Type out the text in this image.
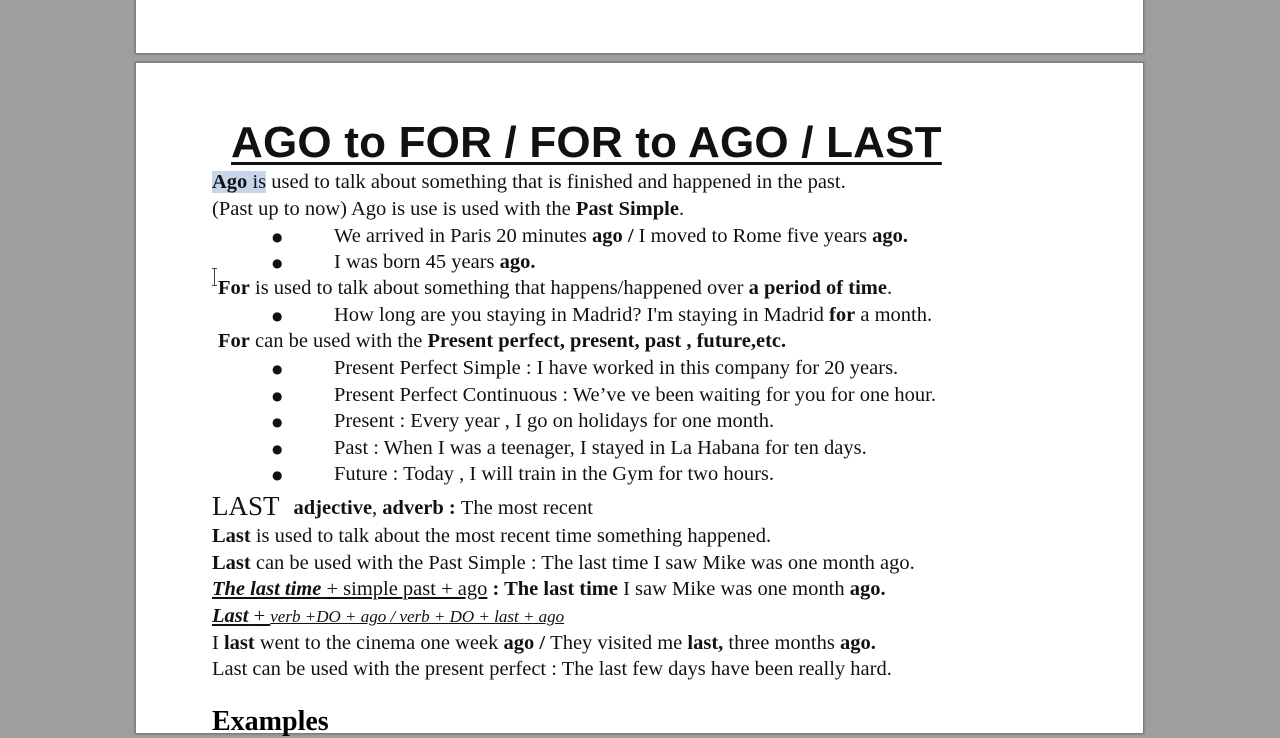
AGO to FOR / FOR to AGO / LAST
Ago is used to talk about something that is finished and happened in the past.
(Past up to now) Ago is use is used with the Past Simple.
●	We arrived in Paris 20 minutes ago / I moved to Rome five years ago.
●	I was born 45 years ago.
For is used to talk about something that happens/happened over a period of time.
●	How long are you staying in Madrid? I'm staying in Madrid for a month.
For can be used with the Present perfect, present, past , future,etc.
●	Present Perfect Simple : I have worked in this company for 20 years.
●	Present Perfect Continuous : We’ve ve been waiting for you for one hour.
●	Present : Every year , I go on holidays for one month.
●	Past : When I was a teenager, I stayed in La Habana for ten days.
●	Future : Today , I will train in the Gym for two hours.
LAST adjective, adverb : The most recent
Last is used to talk about the most recent time something happened.
Last can be used with the Past Simple : The last time I saw Mike was one month ago.
The last time + simple past + ago : The last time I saw Mike was one month ago.
Last + verb +DO + ago / verb + DO + last + ago
I last went to the cinema one week ago / They visited me last, three months ago.
Last can be used with the present perfect : The last few days have been really hard.
Examples
